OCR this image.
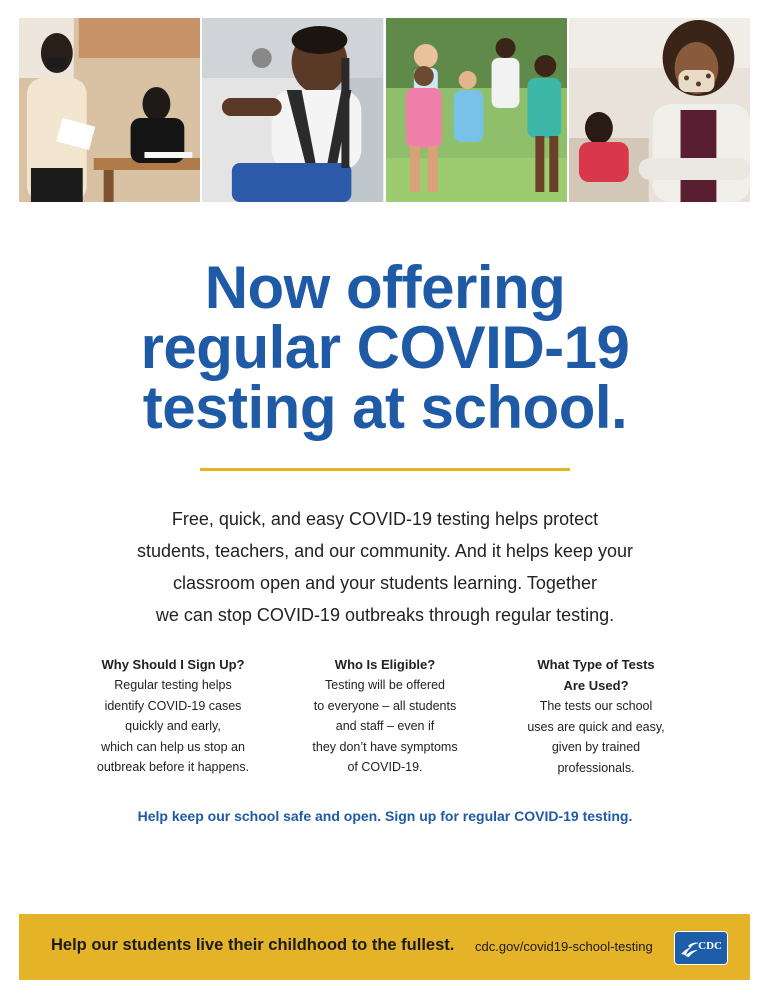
Now offering
regular COVID-19
testing at school.

Free, quick, and easy COVID-19 testing helps protect
students, teachers, and our community. And it helps keep your
classroom open and your students learning. Together
we can stop COVID-19 outbreaks through regular testing.

Why Should I Sign Up?

Regular testing helps
identify COVID-19 cases
quickly and early,
which can help us stop an
outbreak before it happens.

Who Is Eligible?

Testing will be offered
to everyone – all students
and staff – even if
they don’t have symptoms
of COVID-19.

What Type of Tests
Are Used?

The tests our school
uses are quick and easy,
given by trained
professionals.

Help keep our school safe and open. Sign up for regular COVID-19 testing.

Help our students live their childhood to the fullest. cdc.gov/covid19-school-testing	CDC
